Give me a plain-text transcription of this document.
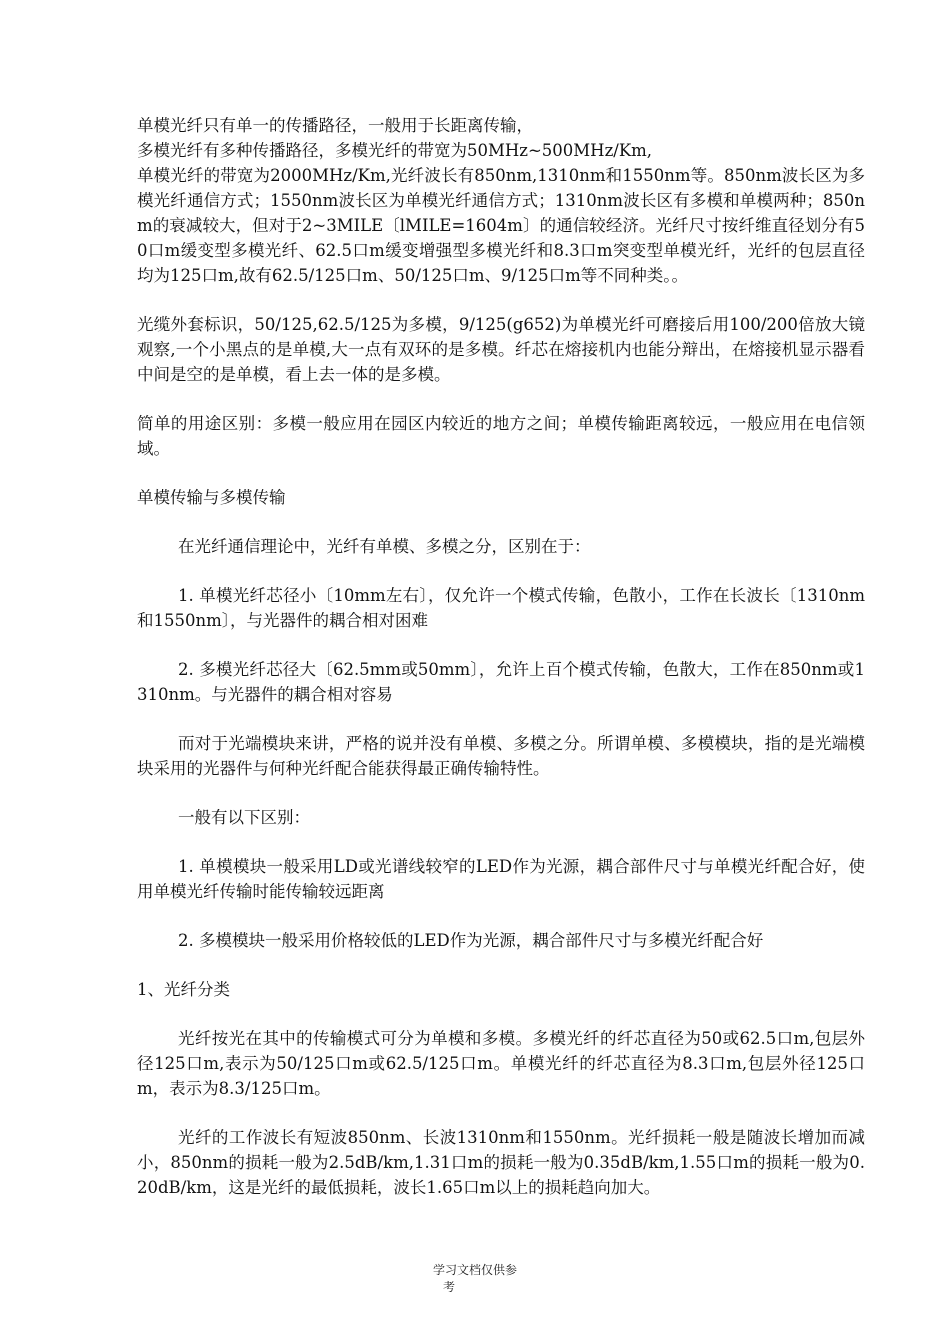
单模光纤只有单一的传播路径，一般用于长距离传输，

多模光纤有多种传播路径，多模光纤的带宽为50MHz~500MHz/Km,

单模光纤的带宽为2000MHz/Km,光纤波长有850nm,1310nm和1550nm等。850nm波长区为多模光纤通信方式；1550nm波长区为单模光纤通信方式；1310nm波长区有多模和单模两种；850nm的衰减较大，但对于2~3MILE〔lMILE=1604m〕的通信较经济。光纤尺寸按纤维直径划分有50口m缓变型多模光纤、62.5口m缓变增强型多模光纤和8.3口m突变型单模光纤，光纤的包层直径均为125口m,故有62.5/125口m、50/125口m、9/125口m等不同种类。。

光缆外套标识，50/125,62.5/125为多模，9/125(g652)为单模光纤可磨接后用100/200倍放大镜观察,一个小黑点的是单模,大一点有双环的是多模。纤芯在熔接机内也能分辩出，在熔接机显示器看中间是空的是单模，看上去一体的是多模。

简单的用途区别：多模一般应用在园区内较近的地方之间；单模传输距离较远，一般应用在电信领域。

单模传输与多模传输

在光纤通信理论中，光纤有单模、多模之分，区别在于：

1. 单模光纤芯径小〔10mm左右〕，仅允许一个模式传输，色散小，工作在长波长〔1310nm和1550nm〕，与光器件的耦合相对困难

2. 多模光纤芯径大〔62.5mm或50mm〕，允许上百个模式传输，色散大，工作在850nm或1310nm。与光器件的耦合相对容易

而对于光端模块来讲，严格的说并没有单模、多模之分。所谓单模、多模模块，指的是光端模块采用的光器件与何种光纤配合能获得最正确传输特性。

一般有以下区别：

1. 单模模块一般采用LD或光谱线较窄的LED作为光源，耦合部件尺寸与单模光纤配合好，使用单模光纤传输时能传输较远距离

2. 多模模块一般采用价格较低的LED作为光源，耦合部件尺寸与多模光纤配合好

1、光纤分类

光纤按光在其中的传输模式可分为单模和多模。多模光纤的纤芯直径为50或62.5口m,包层外径125口m,表示为50/125口m或62.5/125口m。单模光纤的纤芯直径为8.3口m,包层外径125口m，表示为8.3/125口m。

光纤的工作波长有短波850nm、长波1310nm和1550nm。光纤损耗一般是随波长增加而减小，850nm的损耗一般为2.5dB/km,1.31口m的损耗一般为0.35dB/km,1.55口m的损耗一般为0.20dB/km，这是光纤的最低损耗，波长1.65口m以上的损耗趋向加大。

学习文档仅供参
考
